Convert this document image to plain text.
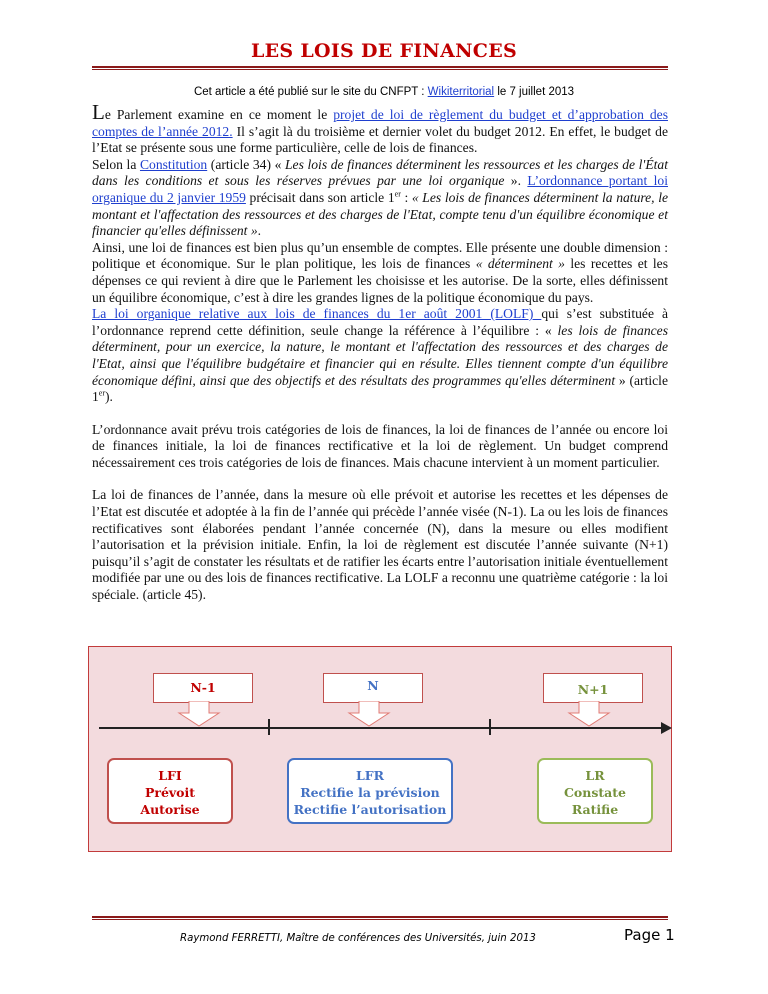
LES LOIS DE FINANCES
Cet article a été publié sur le site du CNFPT : Wikiterritorial le 7 juillet 2013

Le Parlement examine en ce moment le projet de loi de règlement du budget et d’approbation des comptes de l’année 2012. Il s’agit là du troisième et dernier volet du budget 2012. En effet, le budget de l’Etat se présente sous une forme particulière, celle de lois de finances.

Selon la Constitution (article 34) « Les lois de finances déterminent les ressources et les charges de l'État dans les conditions et sous les réserves prévues par une loi organique ». L’ordonnance portant loi organique du 2 janvier 1959 précisait dans son article 1er : « Les lois de finances déterminent la nature, le montant et l'affectation des ressources et des charges de l'Etat, compte tenu d'un équilibre économique et financier qu'elles définissent ».

Ainsi, une loi de finances est bien plus qu’un ensemble de comptes. Elle présente une double dimension : politique et économique. Sur le plan politique, les lois de finances « déterminent » les recettes et les dépenses ce qui revient à dire que le Parlement les choisisse et les autorise. De la sorte, elles définissent un équilibre économique, c’est à dire les grandes lignes de la politique économique du pays.

La loi organique relative aux lois de finances du 1er août 2001 (LOLF) qui s’est substituée à l’ordonnance reprend cette définition, seule change la référence à l’équilibre : « les lois de finances déterminent, pour un exercice, la nature, le montant et l'affectation des ressources et des charges de l'Etat, ainsi que l'équilibre budgétaire et financier qui en résulte. Elles tiennent compte d'un équilibre économique défini, ainsi que des objectifs et des résultats des programmes qu'elles déterminent » (article 1er).

L’ordonnance avait prévu trois catégories de lois de finances, la loi de finances de l’année ou encore loi de finances initiale, la loi de finances rectificative et la loi de règlement. Un budget comprend nécessairement ces trois catégories de lois de finances. Mais chacune intervient à un moment particulier.

La loi de finances de l’année, dans la mesure où elle prévoit et autorise les recettes et les dépenses de l’Etat est discutée et adoptée à la fin de l’année qui précède l’année visée (N-1). La ou les lois de finances rectificatives sont élaborées pendant l’année concernée (N), dans la mesure ou elles modifient l’autorisation et la prévision initiale. Enfin, la loi de règlement est discutée l’année suivante (N+1) puisqu’il s’agit de constater les résultats et de ratifier les écarts entre l’autorisation initiale éventuellement modifiée par une ou des lois de finances rectificative. La LOLF a reconnu une quatrième catégorie : la loi spéciale. (article 45).

N-1	N	N+1
LFI
Prévoit
Autorise
LFR
Rectifie la prévision
Rectifie l’autorisation
LR
Constate
Ratifie
Raymond FERRETTI, Maître de conférences des Universités, juin 2013	Page 1
